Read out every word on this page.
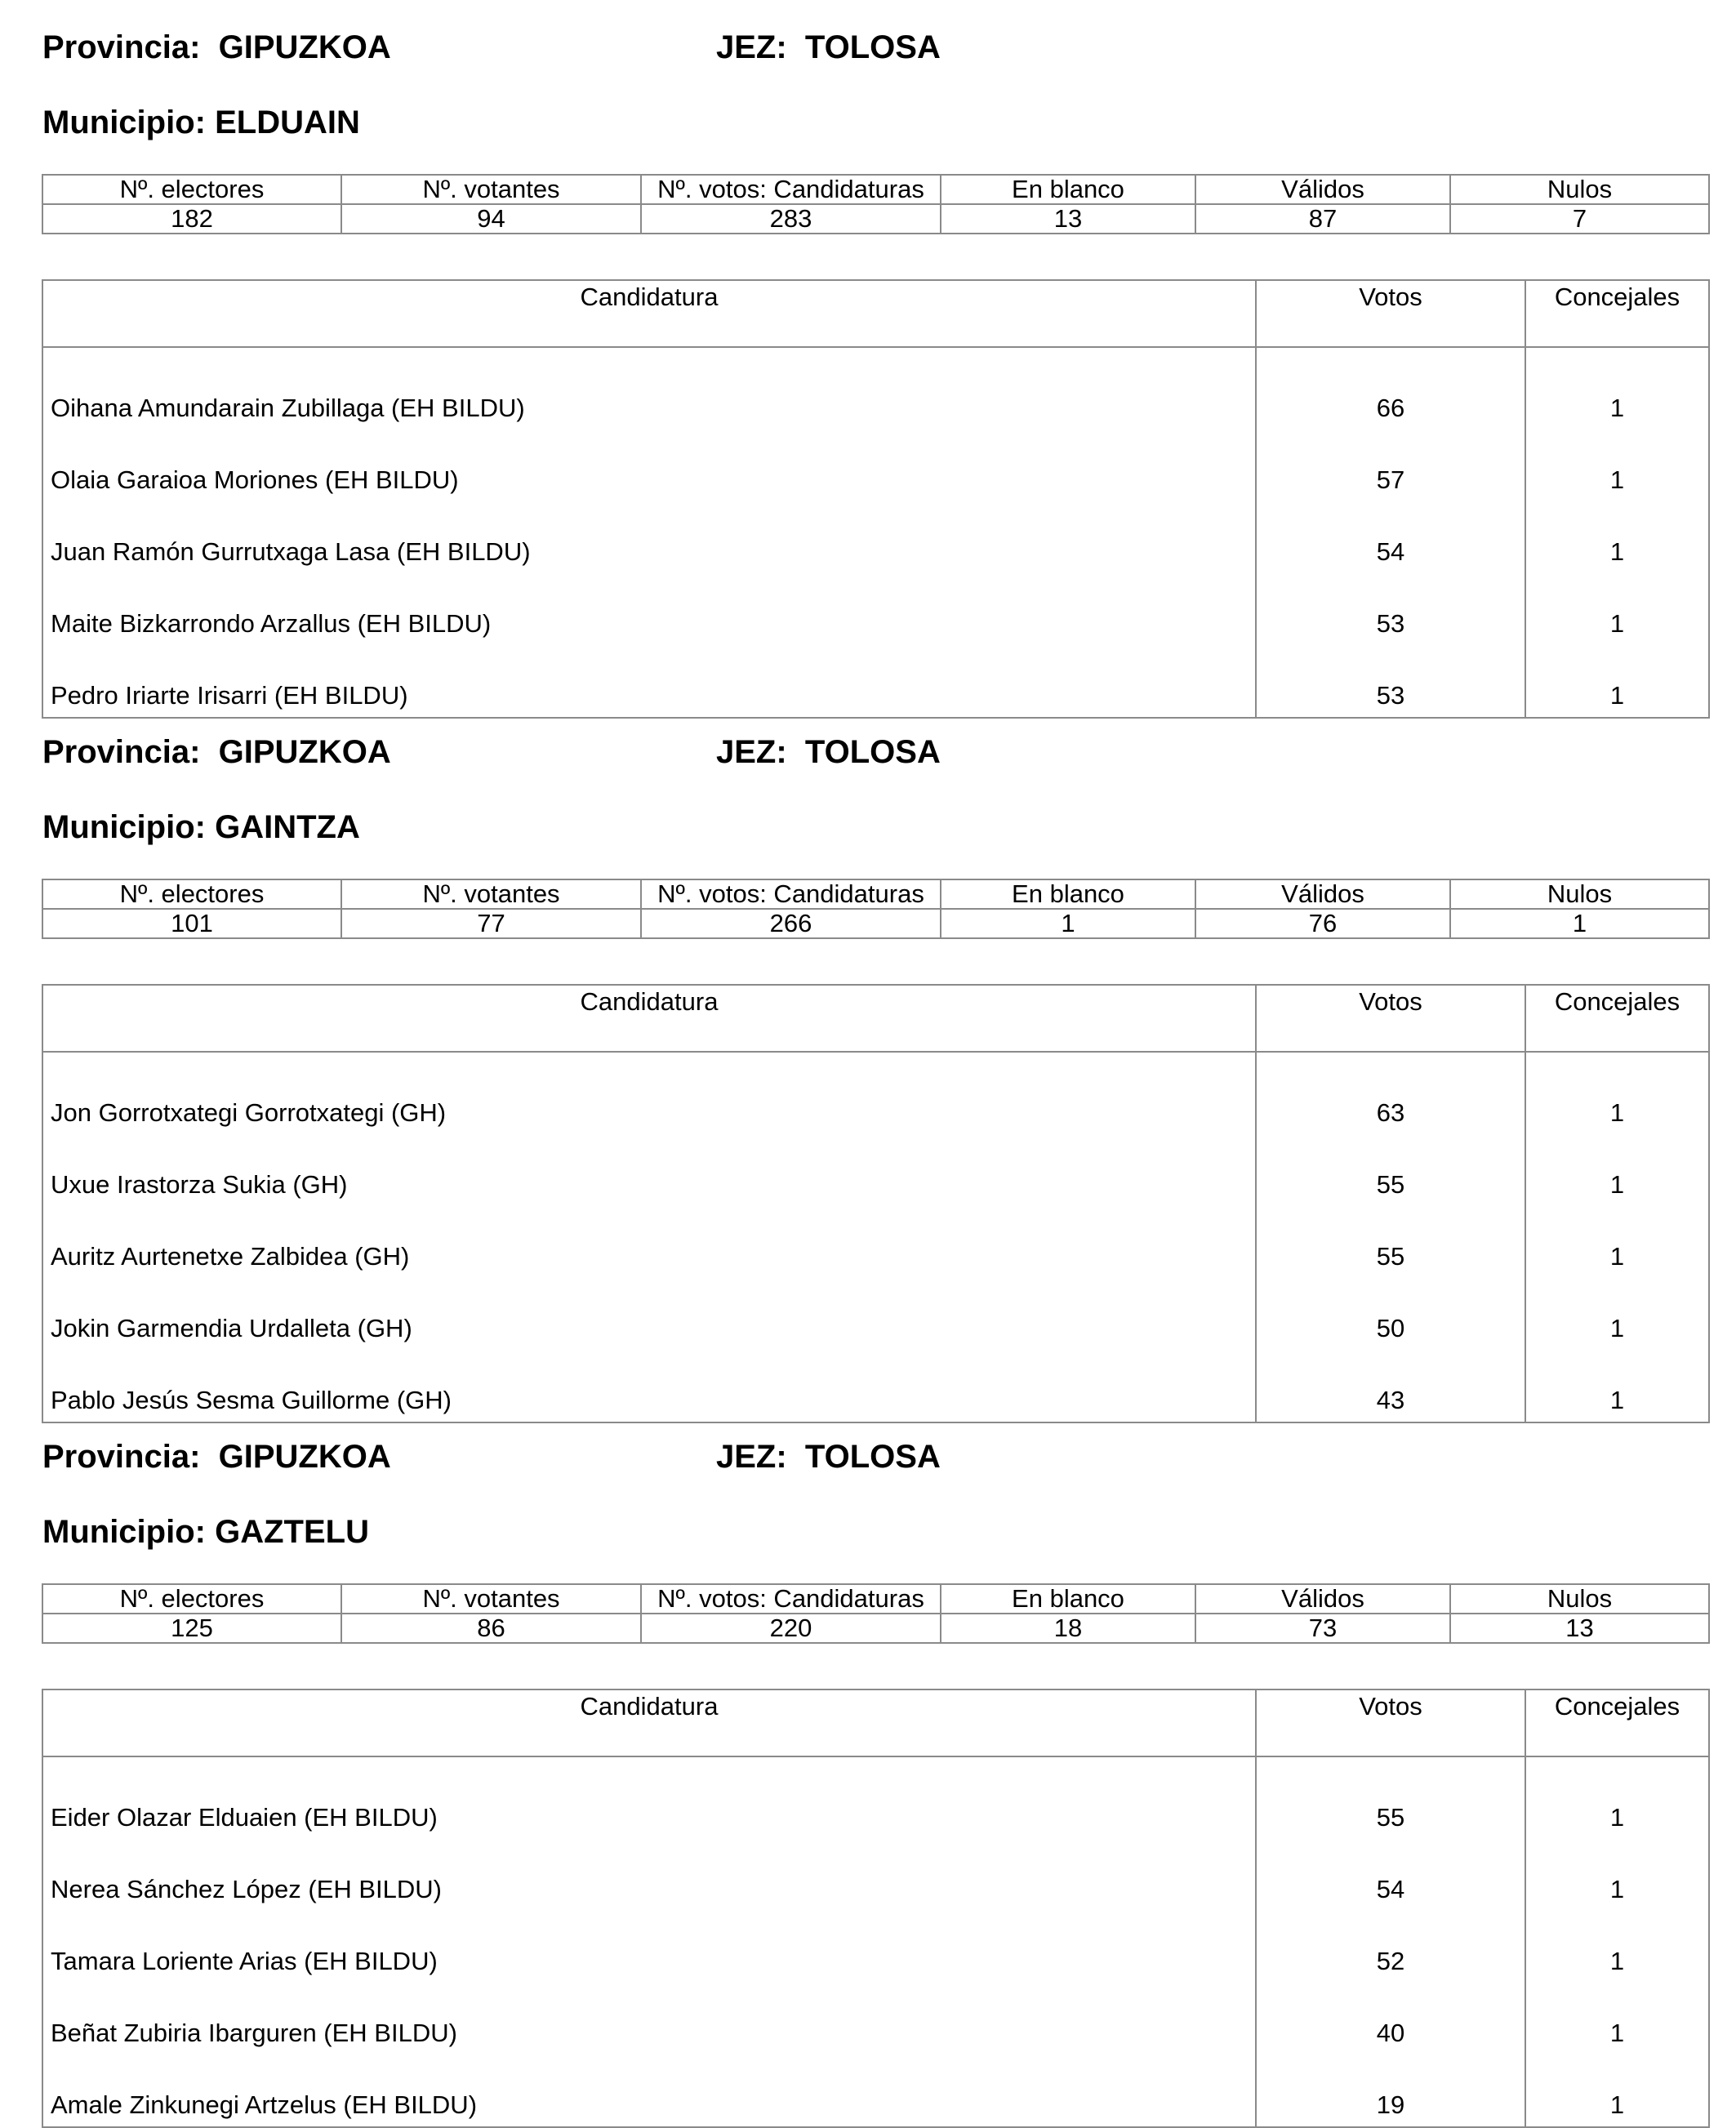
Provincia: GIPUZKOA	JEZ: TOLOSA
Municipio: ELDUAIN
Nº. electores	Nº. votantes	Nº. votos: Candidaturas	En blanco	Válidos	Nulos
182	94	283	13	87	7
Candidatura	Votos	Concejales
Oihana Amundarain Zubillaga (EH BILDU)	66	1
Olaia Garaioa Moriones (EH BILDU)	57	1
Juan Ramón Gurrutxaga Lasa (EH BILDU)	54	1
Maite Bizkarrondo Arzallus (EH BILDU)	53	1
Pedro Iriarte Irisarri (EH BILDU)	53	1
Provincia: GIPUZKOA	JEZ: TOLOSA
Municipio: GAINTZA
Nº. electores	Nº. votantes	Nº. votos: Candidaturas	En blanco	Válidos	Nulos
101	77	266	1	76	1
Candidatura	Votos	Concejales
Jon Gorrotxategi Gorrotxategi (GH)	63	1
Uxue Irastorza Sukia (GH)	55	1
Auritz Aurtenetxe Zalbidea (GH)	55	1
Jokin Garmendia Urdalleta (GH)	50	1
Pablo Jesús Sesma Guillorme (GH)	43	1
Provincia: GIPUZKOA	JEZ: TOLOSA
Municipio: GAZTELU
Nº. electores	Nº. votantes	Nº. votos: Candidaturas	En blanco	Válidos	Nulos
125	86	220	18	73	13
Candidatura	Votos	Concejales
Eider Olazar Elduaien (EH BILDU)	55	1
Nerea Sánchez López (EH BILDU)	54	1
Tamara Loriente Arias (EH BILDU)	52	1
Beñat Zubiria Ibarguren (EH BILDU)	40	1
Amale Zinkunegi Artzelus (EH BILDU)	19	1
